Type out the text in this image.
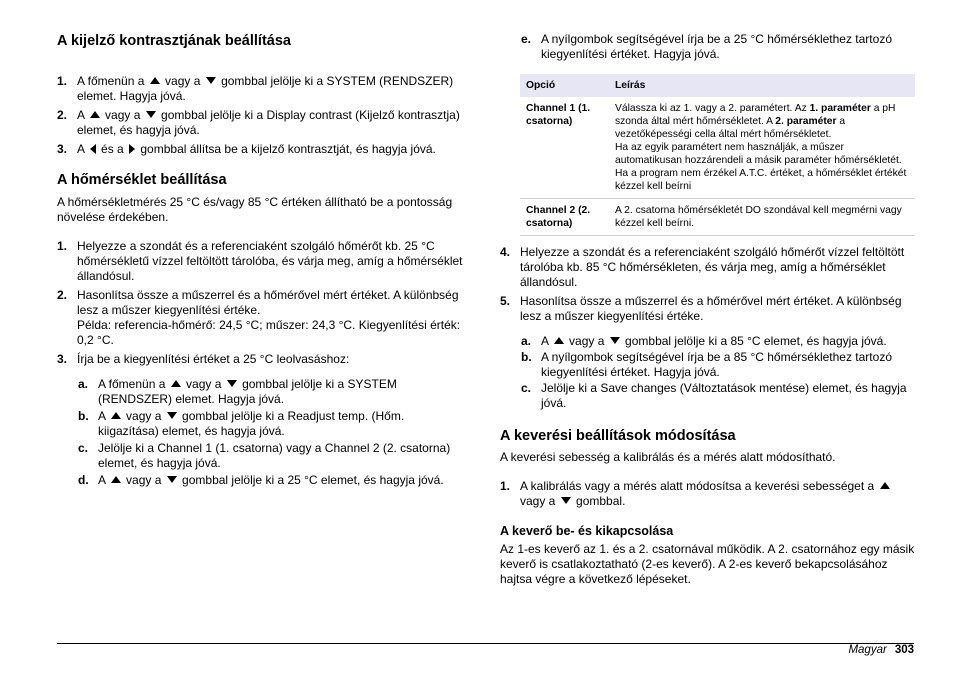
A kijelző kontrasztjának beállítása
1. A főmenün a  vagy a  gombbal jelölje ki a SYSTEM (RENDSZER) elemet. Hagyja jóvá.
2. A  vagy a  gombbal jelölje ki a Display contrast (Kijelző kontrasztja) elemet, és hagyja jóvá.
3. A  és a  gombbal állítsa be a kijelző kontrasztját, és hagyja jóvá.
A hőmérséklet beállítása

A hőmérsékletmérés 25 °C és/vagy 85 °C értéken állítható be a pontosság növelése érdekében.

1. Helyezze a szondát és a referenciaként szolgáló hőmérőt kb. 25 °C hőmérsékletű vízzel feltöltött tárolóba, és várja meg, amíg a hőmérséklet állandósul.
2. Hasonlítsa össze a műszerrel és a hőmérővel mért értéket. A különbség lesz a műszer kiegyenlítési értéke.
Példa: referencia-hőmérő: 24,5 °C; műszer: 24,3 °C. Kiegyenlítési érték: 0,2 °C.
3. Írja be a kiegyenlítési értéket a 25 °C leolvasáshoz:
a. A főmenün a  vagy a  gombbal jelölje ki a SYSTEM (RENDSZER) elemet. Hagyja jóvá.
b. A  vagy a  gombbal jelölje ki a Readjust temp. (Hőm. kiigazítása) elemet, és hagyja jóvá.
c. Jelölje ki a Channel 1 (1. csatorna) vagy a Channel 2 (2. csatorna) elemet, és hagyja jóvá.
d. A  vagy a  gombbal jelölje ki a 25 °C elemet, és hagyja jóvá.
e. A nyílgombok segítségével írja be a 25 °C hőmérséklethez tartozó kiegyenlítési értéket. Hagyja jóvá.
Opció	Leírás
Channel 1 (1. csatorna)	Válassza ki az 1. vagy a 2. paramétert. Az 1. paraméter a pH szonda által mért hőmérsékletet. A 2. paraméter a vezetőképességi cella által mért hőmérsékletet.
Ha az egyik paramétert nem használják, a műszer automatikusan hozzárendeli a másik paraméter hőmérsékletét. Ha a program nem érzékel A.T.C. értéket, a hőmérséklet értékét kézzel kell beírni
Channel 2 (2. csatorna)	A 2. csatorna hőmérsékletét DO szondával kell megmérni vagy kézzel kell beírni.
4. Helyezze a szondát és a referenciaként szolgáló hőmérőt vízzel feltöltött tárolóba kb. 85 °C hőmérsékleten, és várja meg, amíg a hőmérséklet állandósul.
5. Hasonlítsa össze a műszerrel és a hőmérővel mért értéket. A különbség lesz a műszer kiegyenlítési értéke.
a. A  vagy a  gombbal jelölje ki a 85 °C elemet, és hagyja jóvá.
b. A nyílgombok segítségével írja be a 85 °C hőmérséklethez tartozó kiegyenlítési értéket. Hagyja jóvá.
c. Jelölje ki a Save changes (Változtatások mentése) elemet, és hagyja jóvá.
A keverési beállítások módosítása

A keverési sebesség a kalibrálás és a mérés alatt módosítható.

1. A kalibrálás vagy a mérés alatt módosítsa a keverési sebességet a  vagy a  gombbal.
A keverő be- és kikapcsolása

Az 1-es keverő az 1. és a 2. csatornával működik. A 2. csatornához egy másik keverő is csatlakoztatható (2-es keverő). A 2-es keverő bekapcsolásához hajtsa végre a következő lépéseket.

Magyar 303
